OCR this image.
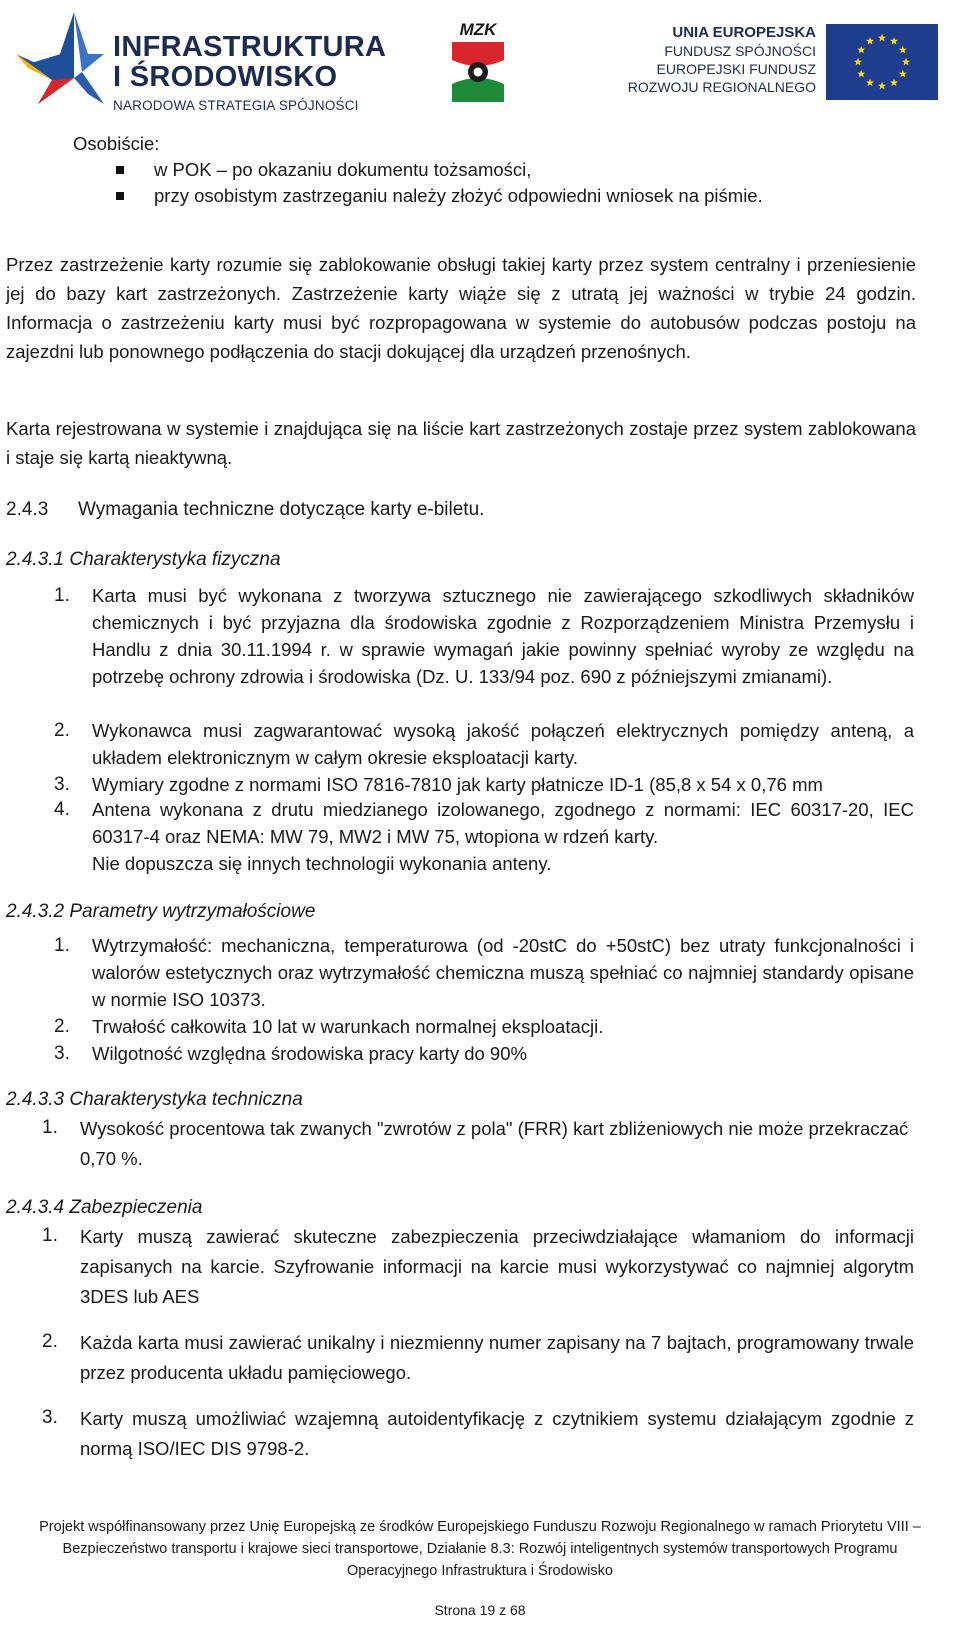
INFRASTRUKTURA
I ŚRODOWISKO
NARODOWA STRATEGIA SPÓJNOŚCI
MZK	UNIA EUROPEJSKA
FUNDUSZ SPÓJNOŚCI
EUROPEJSKI FUNDUSZ
ROZWOJU REGIONALNEGO
Osobiście:
w POK – po okazaniu dokumentu tożsamości,
przy osobistym zastrzeganiu należy złożyć odpowiedni wniosek na piśmie.
Przez zastrzeżenie karty rozumie się zablokowanie obsługi takiej karty przez system centralny i przeniesienie jej do bazy kart zastrzeżonych. Zastrzeżenie karty wiąże się z utratą jej ważności w trybie 24 godzin. Informacja o zastrzeżeniu karty musi być rozpropagowana w systemie do autobusów podczas postoju na zajezdni lub ponownego podłączenia do stacji dokującej dla urządzeń przenośnych.
Karta rejestrowana w systemie i znajdująca się na liście kart zastrzeżonych zostaje przez system zablokowana i staje się kartą nieaktywną.
2.4.3 Wymagania techniczne dotyczące karty e-biletu.
2.4.3.1 Charakterystyka fizyczna
1. Karta musi być wykonana z tworzywa sztucznego nie zawierającego szkodliwych składników chemicznych i być przyjazna dla środowiska zgodnie z Rozporządzeniem Ministra Przemysłu i Handlu z dnia 30.11.1994 r. w sprawie wymagań jakie powinny spełniać wyroby ze względu na potrzebę ochrony zdrowia i środowiska (Dz. U. 133/94 poz. 690 z późniejszymi zmianami).
2. Wykonawca musi zagwarantować wysoką jakość połączeń elektrycznych pomiędzy anteną, a układem elektronicznym w całym okresie eksploatacji karty.
3. Wymiary zgodne z normami ISO 7816-7810 jak karty płatnicze ID-1 (85,8 x 54 x 0,76 mm
4. Antena wykonana z drutu miedzianego izolowanego, zgodnego z normami: IEC 60317-20, IEC 60317-4 oraz NEMA: MW 79, MW2 i MW 75, wtopiona w rdzeń karty.
Nie dopuszcza się innych technologii wykonania anteny.
2.4.3.2 Parametry wytrzymałościowe
1. Wytrzymałość: mechaniczna, temperaturowa (od -20stC do +50stC) bez utraty funkcjonalności i walorów estetycznych oraz wytrzymałość chemiczna muszą spełniać co najmniej standardy opisane w normie ISO 10373.
2. Trwałość całkowita 10 lat w warunkach normalnej eksploatacji.
3. Wilgotność względna środowiska pracy karty do 90%
2.4.3.3 Charakterystyka techniczna
1. Wysokość procentowa tak zwanych "zwrotów z pola" (FRR) kart zbliżeniowych nie może przekraczać 0,70 %.
2.4.3.4 Zabezpieczenia
1. Karty muszą zawierać skuteczne zabezpieczenia przeciwdziałające włamaniom do informacji zapisanych na karcie. Szyfrowanie informacji na karcie musi wykorzystywać co najmniej algorytm 3DES lub AES
2. Każda karta musi zawierać unikalny i niezmienny numer zapisany na 7 bajtach, programowany trwale przez producenta układu pamięciowego.
3. Karty muszą umożliwiać wzajemną autoidentyfikację z czytnikiem systemu działającym zgodnie z normą ISO/IEC DIS 9798-2.
Projekt współfinansowany przez Unię Europejską ze środków Europejskiego Funduszu Rozwoju Regionalnego w ramach Priorytetu VIII –
Bezpieczeństwo transportu i krajowe sieci transportowe, Działanie 8.3: Rozwój inteligentnych systemów transportowych Programu
Operacyjnego Infrastruktura i Środowisko
Strona 19 z 68
